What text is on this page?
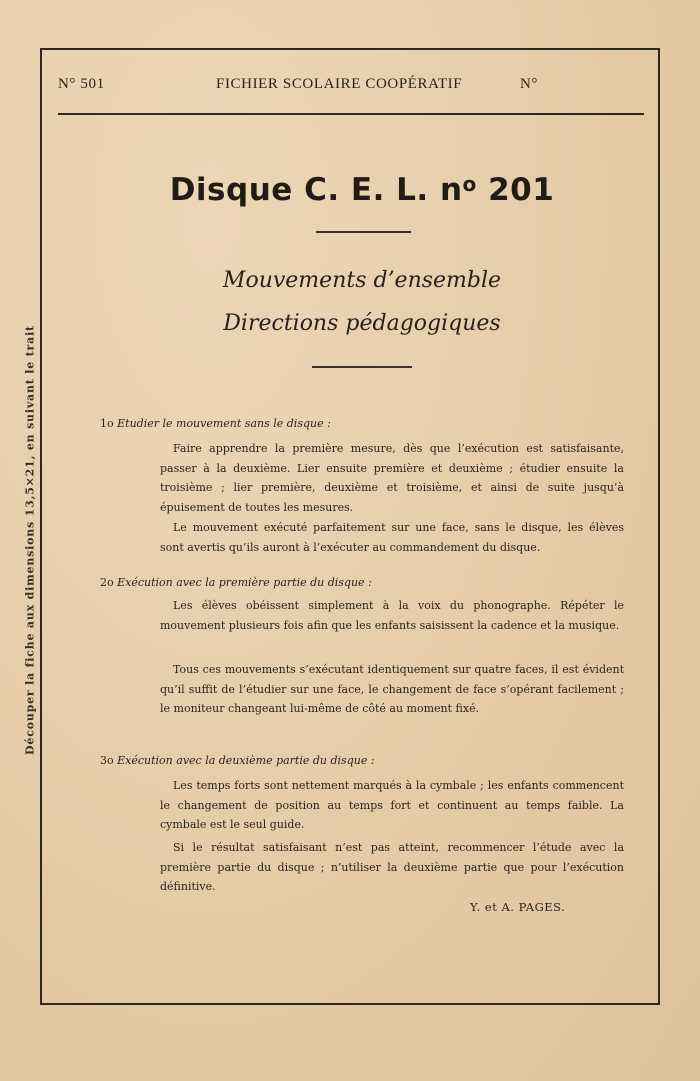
Découper la fiche aux dimensions 13,5×21, en suivant le trait
N° 501	FICHIER SCOLAIRE COOPÉRATIF	N°
Disque C. E. L. $n^o$ 201
Mouvements d’ensemble
Directions pédagogiques
1o Etudier le mouvement sans le disque :
Faire apprendre la première mesure, dès que l’exécution est satisfaisante, passer à la deuxième. Lier ensuite première et deuxième ; étudier ensuite la troisième ; lier première, deuxième et troisième, et ainsi de suite jusqu’à épuisement de toutes les mesures.
Le mouvement exécuté parfaitement sur une face, sans le disque, les élèves sont avertis qu’ils auront à l’exécuter au commandement du disque.
2o Exécution avec la première partie du disque :
Les élèves obéissent simplement à la voix du phonographe. Répéter le mouvement plusieurs fois afin que les enfants saisissent la cadence et la musique.
Tous ces mouvements s’exécutant identiquement sur quatre faces, il est évident qu’il suffit de l’étudier sur une face, le changement de face s’opérant facilement ; le moniteur changeant lui-même de côté au moment fixé.
3o Exécution avec la deuxième partie du disque :
Les temps forts sont nettement marqués à la cymbale ; les enfants commencent le changement de position au temps fort et continuent au temps faible. La cymbale est le seul guide.
Si le résultat satisfaisant n’est pas atteint, recommencer l’étude avec la première partie du disque ; n’utiliser la deuxième partie que pour l’exécution définitive.
Y. et A. PAGES.
